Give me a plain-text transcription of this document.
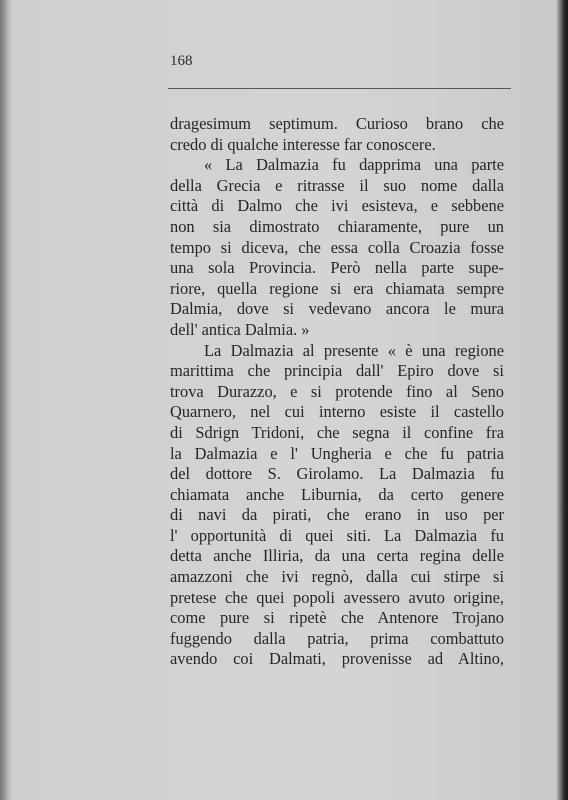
168
dragesimum septimum. Curioso brano che
credo di qualche interesse far conoscere.
« La Dalmazia fu dapprima una parte
della Grecia e ritrasse il suo nome dalla
città di Dalmo che ivi esisteva, e sebbene
non sia dimostrato chiaramente, pure un
tempo si diceva, che essa colla Croazia fosse
una sola Provincia. Però nella parte supe-
riore, quella regione si era chiamata sempre
Dalmia, dove si vedevano ancora le mura
dell' antica Dalmia. »
La Dalmazia al presente « è una regione
marittima che principia dall' Epiro dove si
trova Durazzo, e si protende fino al Seno
Quarnero, nel cui interno esiste il castello
di Sdrign Tridoni, che segna il confine fra
la Dalmazia e l' Ungheria e che fu patria
del dottore S. Girolamo. La Dalmazia fu
chiamata anche Liburnia, da certo genere
di navi da pirati, che erano in uso per
l' opportunità di quei siti. La Dalmazia fu
detta anche Illiria, da una certa regina delle
amazzoni che ivi regnò, dalla cui stirpe si
pretese che quei popoli avessero avuto origine,
come pure si ripetè che Antenore Trojano
fuggendo dalla patria, prima combattuto
avendo coi Dalmati, provenisse ad Altino,
